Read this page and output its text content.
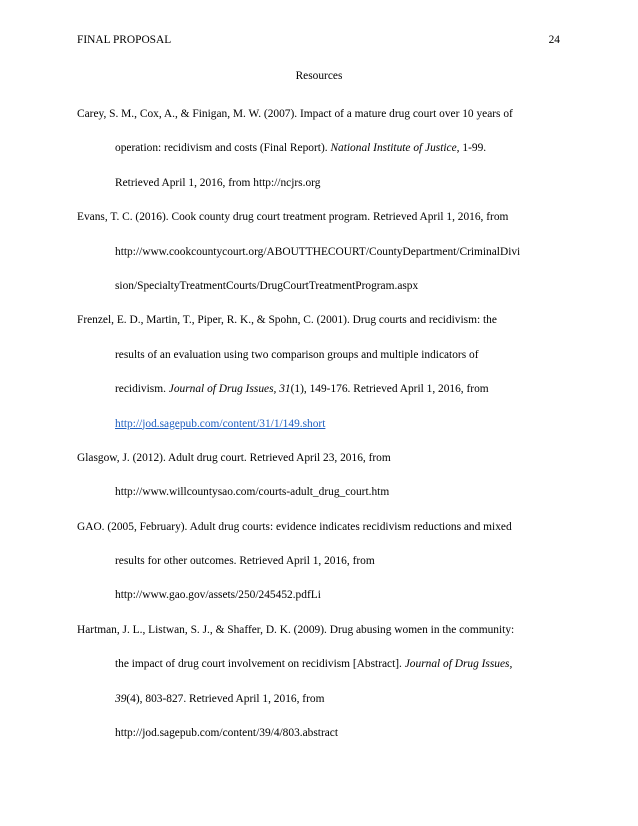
FINAL PROPOSAL	24
Resources
Carey, S. M., Cox, A., & Finigan, M. W. (2007). Impact of a mature drug court over 10 years of
operation: recidivism and costs (Final Report). National Institute of Justice, 1-99.
Retrieved April 1, 2016, from http://ncjrs.org
Evans, T. C. (2016). Cook county drug court treatment program. Retrieved April 1, 2016, from
http://www.cookcountycourt.org/ABOUTTHECOURT/CountyDepartment/CriminalDivi
sion/SpecialtyTreatmentCourts/DrugCourtTreatmentProgram.aspx
Frenzel, E. D., Martin, T., Piper, R. K., & Spohn, C. (2001). Drug courts and recidivism: the
results of an evaluation using two comparison groups and multiple indicators of
recidivism. Journal of Drug Issues, 31(1), 149-176. Retrieved April 1, 2016, from
http://jod.sagepub.com/content/31/1/149.short
Glasgow, J. (2012). Adult drug court. Retrieved April 23, 2016, from
http://www.willcountysao.com/courts-adult_drug_court.htm
GAO. (2005, February). Adult drug courts: evidence indicates recidivism reductions and mixed
results for other outcomes. Retrieved April 1, 2016, from
http://www.gao.gov/assets/250/245452.pdfLi
Hartman, J. L., Listwan, S. J., & Shaffer, D. K. (2009). Drug abusing women in the community:
the impact of drug court involvement on recidivism [Abstract]. Journal of Drug Issues,
39(4), 803-827. Retrieved April 1, 2016, from
http://jod.sagepub.com/content/39/4/803.abstract
